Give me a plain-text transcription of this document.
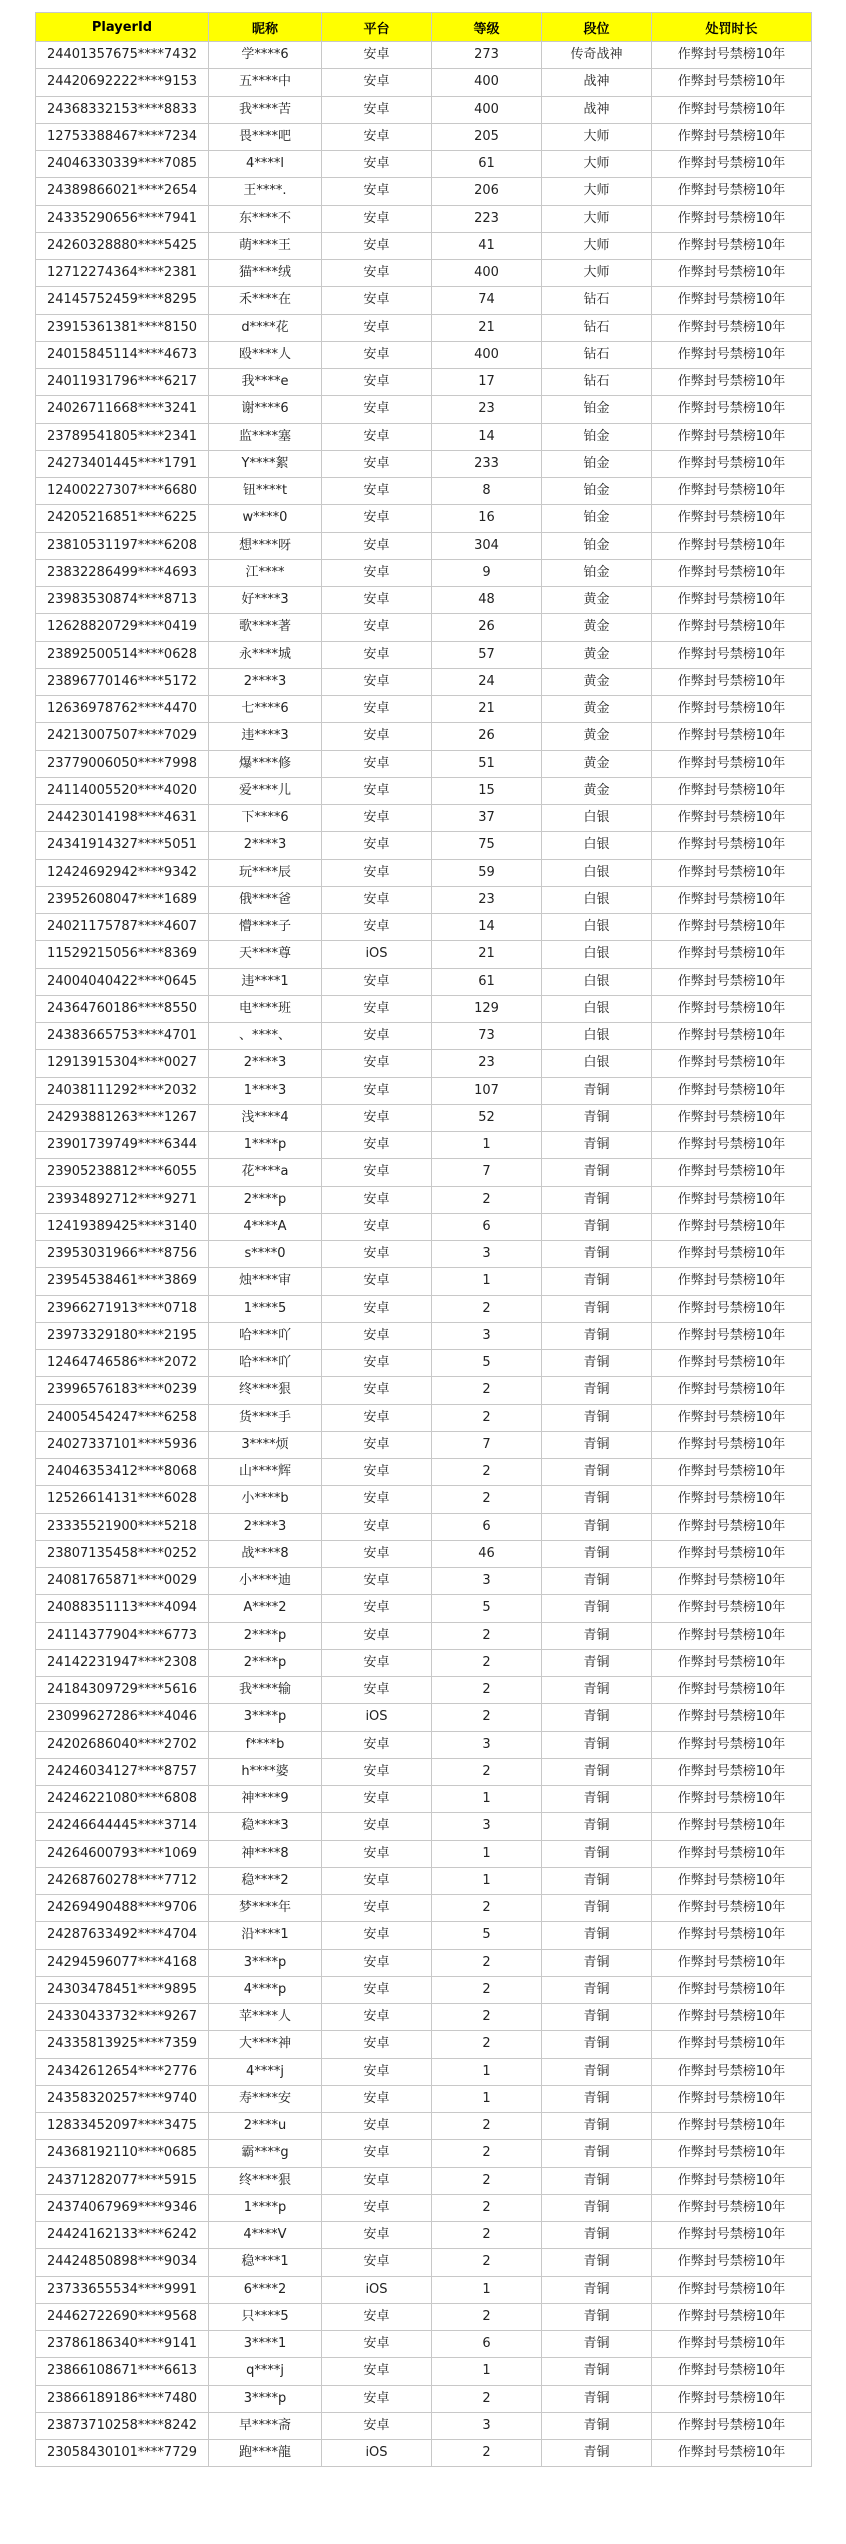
PlayerId	昵称	平台	等级	段位	处罚时长
24401357675****7432	学****6	安卓	273	传奇战神	作弊封号禁榜10年
24420692222****9153	五****中	安卓	400	战神	作弊封号禁榜10年
24368332153****8833	我****苦	安卓	400	战神	作弊封号禁榜10年
12753388467****7234	畏****吧	安卓	205	大师	作弊封号禁榜10年
24046330339****7085	4****l	安卓	61	大师	作弊封号禁榜10年
24389866021****2654	王****.	安卓	206	大师	作弊封号禁榜10年
24335290656****7941	东****不	安卓	223	大师	作弊封号禁榜10年
24260328880****5425	萌****王	安卓	41	大师	作弊封号禁榜10年
12712274364****2381	猫****绒	安卓	400	大师	作弊封号禁榜10年
24145752459****8295	禾****在	安卓	74	钻石	作弊封号禁榜10年
23915361381****8150	d****花	安卓	21	钻石	作弊封号禁榜10年
24015845114****4673	殴****人	安卓	400	钻石	作弊封号禁榜10年
24011931796****6217	我****e	安卓	17	钻石	作弊封号禁榜10年
24026711668****3241	谢****6	安卓	23	铂金	作弊封号禁榜10年
23789541805****2341	监****塞	安卓	14	铂金	作弊封号禁榜10年
24273401445****1791	Y****絮	安卓	233	铂金	作弊封号禁榜10年
12400227307****6680	钮****t	安卓	8	铂金	作弊封号禁榜10年
24205216851****6225	w****0	安卓	16	铂金	作弊封号禁榜10年
23810531197****6208	想****呀	安卓	304	铂金	作弊封号禁榜10年
23832286499****4693	江****	安卓	9	铂金	作弊封号禁榜10年
23983530874****8713	好****3	安卓	48	黄金	作弊封号禁榜10年
12628820729****0419	歌****著	安卓	26	黄金	作弊封号禁榜10年
23892500514****0628	永****城	安卓	57	黄金	作弊封号禁榜10年
23896770146****5172	2****3	安卓	24	黄金	作弊封号禁榜10年
12636978762****4470	七****6	安卓	21	黄金	作弊封号禁榜10年
24213007507****7029	违****3	安卓	26	黄金	作弊封号禁榜10年
23779006050****7998	爆****修	安卓	51	黄金	作弊封号禁榜10年
24114005520****4020	爱****儿	安卓	15	黄金	作弊封号禁榜10年
24423014198****4631	下****6	安卓	37	白银	作弊封号禁榜10年
24341914327****5051	2****3	安卓	75	白银	作弊封号禁榜10年
12424692942****9342	玩****辰	安卓	59	白银	作弊封号禁榜10年
23952608047****1689	俄****爸	安卓	23	白银	作弊封号禁榜10年
24021175787****4607	懵****子	安卓	14	白银	作弊封号禁榜10年
11529215056****8369	天****尊	iOS	21	白银	作弊封号禁榜10年
24004040422****0645	违****1	安卓	61	白银	作弊封号禁榜10年
24364760186****8550	电****班	安卓	129	白银	作弊封号禁榜10年
24383665753****4701	、****、	安卓	73	白银	作弊封号禁榜10年
12913915304****0027	2****3	安卓	23	白银	作弊封号禁榜10年
24038111292****2032	1****3	安卓	107	青铜	作弊封号禁榜10年
24293881263****1267	浅****4	安卓	52	青铜	作弊封号禁榜10年
23901739749****6344	1****p	安卓	1	青铜	作弊封号禁榜10年
23905238812****6055	花****a	安卓	7	青铜	作弊封号禁榜10年
23934892712****9271	2****p	安卓	2	青铜	作弊封号禁榜10年
12419389425****3140	4****A	安卓	6	青铜	作弊封号禁榜10年
23953031966****8756	s****0	安卓	3	青铜	作弊封号禁榜10年
23954538461****3869	烛****审	安卓	1	青铜	作弊封号禁榜10年
23966271913****0718	1****5	安卓	2	青铜	作弊封号禁榜10年
23973329180****2195	哈****吖	安卓	3	青铜	作弊封号禁榜10年
12464746586****2072	哈****吖	安卓	5	青铜	作弊封号禁榜10年
23996576183****0239	终****狠	安卓	2	青铜	作弊封号禁榜10年
24005454247****6258	货****手	安卓	2	青铜	作弊封号禁榜10年
24027337101****5936	3****烦	安卓	7	青铜	作弊封号禁榜10年
24046353412****8068	山****辉	安卓	2	青铜	作弊封号禁榜10年
12526614131****6028	小****b	安卓	2	青铜	作弊封号禁榜10年
23335521900****5218	2****3	安卓	6	青铜	作弊封号禁榜10年
23807135458****0252	战****8	安卓	46	青铜	作弊封号禁榜10年
24081765871****0029	小****迪	安卓	3	青铜	作弊封号禁榜10年
24088351113****4094	A****2	安卓	5	青铜	作弊封号禁榜10年
24114377904****6773	2****p	安卓	2	青铜	作弊封号禁榜10年
24142231947****2308	2****p	安卓	2	青铜	作弊封号禁榜10年
24184309729****5616	我****输	安卓	2	青铜	作弊封号禁榜10年
23099627286****4046	3****p	iOS	2	青铜	作弊封号禁榜10年
24202686040****2702	f****b	安卓	3	青铜	作弊封号禁榜10年
24246034127****8757	h****婆	安卓	2	青铜	作弊封号禁榜10年
24246221080****6808	神****9	安卓	1	青铜	作弊封号禁榜10年
24246644445****3714	稳****3	安卓	3	青铜	作弊封号禁榜10年
24264600793****1069	神****8	安卓	1	青铜	作弊封号禁榜10年
24268760278****7712	稳****2	安卓	1	青铜	作弊封号禁榜10年
24269490488****9706	梦****年	安卓	2	青铜	作弊封号禁榜10年
24287633492****4704	沿****1	安卓	5	青铜	作弊封号禁榜10年
24294596077****4168	3****p	安卓	2	青铜	作弊封号禁榜10年
24303478451****9895	4****p	安卓	2	青铜	作弊封号禁榜10年
24330433732****9267	苹****人	安卓	2	青铜	作弊封号禁榜10年
24335813925****7359	大****神	安卓	2	青铜	作弊封号禁榜10年
24342612654****2776	4****j	安卓	1	青铜	作弊封号禁榜10年
24358320257****9740	寿****安	安卓	1	青铜	作弊封号禁榜10年
12833452097****3475	2****u	安卓	2	青铜	作弊封号禁榜10年
24368192110****0685	霸****g	安卓	2	青铜	作弊封号禁榜10年
24371282077****5915	终****狠	安卓	2	青铜	作弊封号禁榜10年
24374067969****9346	1****p	安卓	2	青铜	作弊封号禁榜10年
24424162133****6242	4****V	安卓	2	青铜	作弊封号禁榜10年
24424850898****9034	稳****1	安卓	2	青铜	作弊封号禁榜10年
23733655534****9991	6****2	iOS	1	青铜	作弊封号禁榜10年
24462722690****9568	只****5	安卓	2	青铜	作弊封号禁榜10年
23786186340****9141	3****1	安卓	6	青铜	作弊封号禁榜10年
23866108671****6613	q****j	安卓	1	青铜	作弊封号禁榜10年
23866189186****7480	3****p	安卓	2	青铜	作弊封号禁榜10年
23873710258****8242	早****斋	安卓	3	青铜	作弊封号禁榜10年
23058430101****7729	跑****龍	iOS	2	青铜	作弊封号禁榜10年
